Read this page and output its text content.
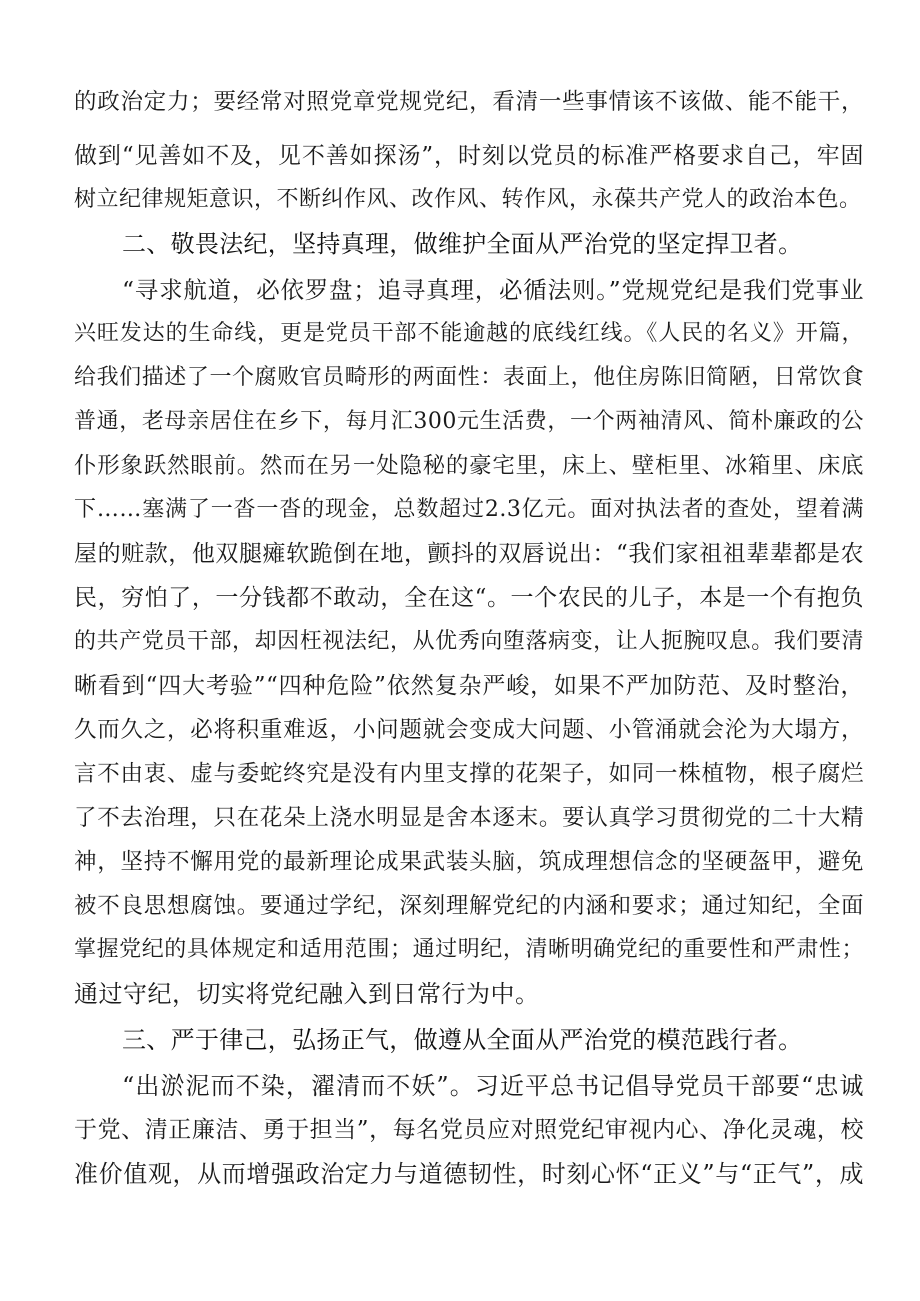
的政治定力；要经常对照党章党规党纪，看清一些事情该不该做、能不能干，
做到“见善如不及，见不善如探汤”，时刻以党员的标准严格要求自己，牢固
树立纪律规矩意识，不断纠作风、改作风、转作风，永葆共产党人的政治本色。
二、敬畏法纪，坚持真理，做维护全面从严治党的坚定捍卫者。
“寻求航道，必依罗盘；追寻真理，必循法则。”党规党纪是我们党事业
兴旺发达的生命线，更是党员干部不能逾越的底线红线。《人民的名义》开篇，
给我们描述了一个腐败官员畸形的两面性：表面上，他住房陈旧简陋，日常饮食
普通，老母亲居住在乡下，每月汇300元生活费，一个两袖清风、简朴廉政的公
仆形象跃然眼前。然而在另一处隐秘的豪宅里，床上、壁柜里、冰箱里、床底
下……塞满了一沓一沓的现金，总数超过2.3亿元。面对执法者的查处，望着满
屋的赃款，他双腿瘫软跪倒在地，颤抖的双唇说出：“我们家祖祖辈辈都是农
民，穷怕了，一分钱都不敢动，全在这“。一个农民的儿子，本是一个有抱负
的共产党员干部，却因枉视法纪，从优秀向堕落病变，让人扼腕叹息。我们要清
晰看到“四大考验”“四种危险”依然复杂严峻，如果不严加防范、及时整治，
久而久之，必将积重难返，小问题就会变成大问题、小管涌就会沦为大塌方，
言不由衷、虚与委蛇终究是没有内里支撑的花架子，如同一株植物，根子腐烂
了不去治理，只在花朵上浇水明显是舍本逐末。要认真学习贯彻党的二十大精
神，坚持不懈用党的最新理论成果武装头脑，筑成理想信念的坚硬盔甲，避免
被不良思想腐蚀。要通过学纪，深刻理解党纪的内涵和要求；通过知纪，全面
掌握党纪的具体规定和适用范围；通过明纪，清晰明确党纪的重要性和严肃性；
通过守纪，切实将党纪融入到日常行为中。
三、严于律己，弘扬正气，做遵从全面从严治党的模范践行者。
“出淤泥而不染，濯清而不妖”。习近平总书记倡导党员干部要“忠诚
于党、清正廉洁、勇于担当”，每名党员应对照党纪审视内心、净化灵魂，校
准价值观，从而增强政治定力与道德韧性，时刻心怀“正义”与“正气”，成
